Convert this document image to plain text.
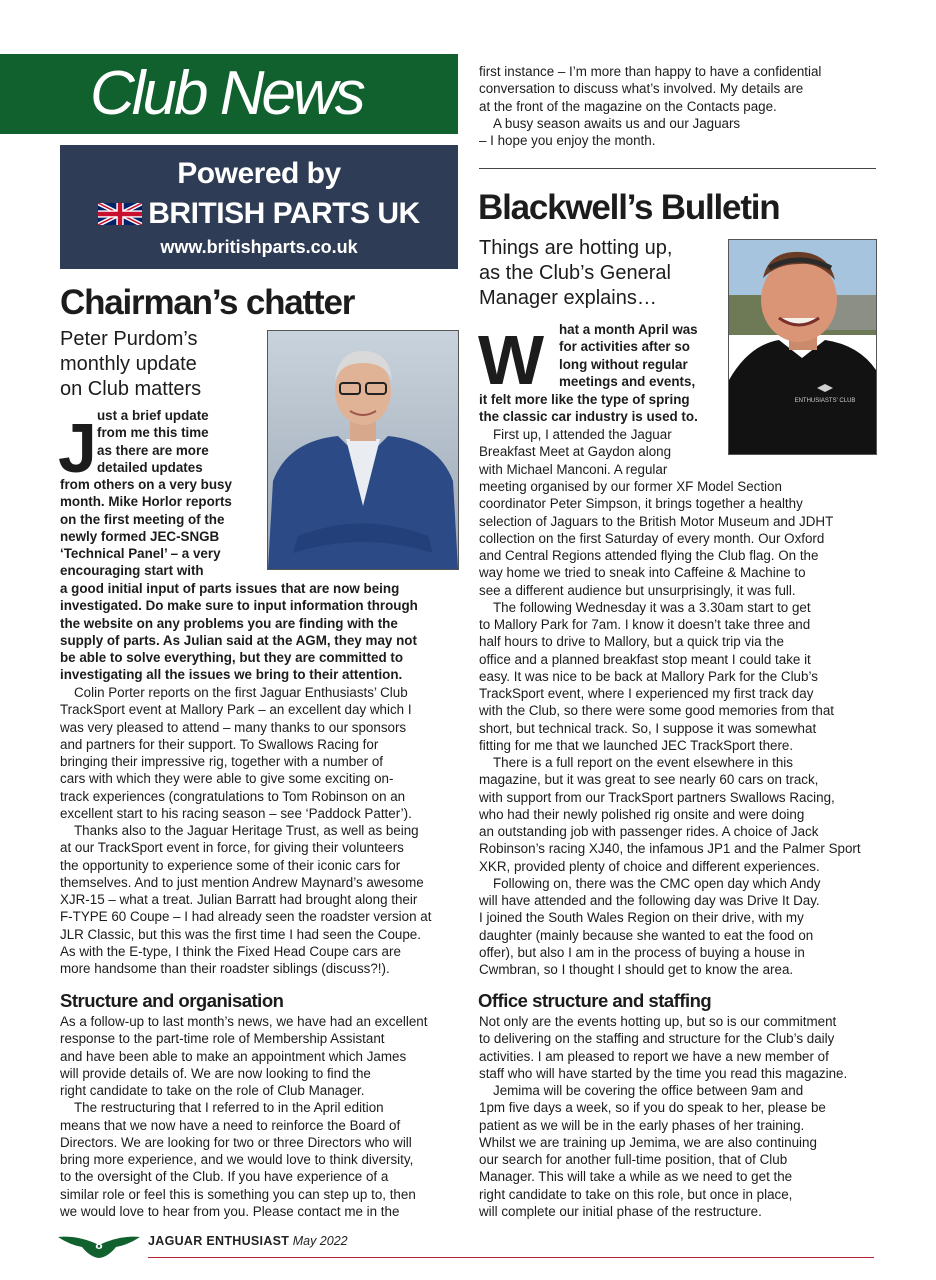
Club News
Powered by
BRITISH PARTS UK
www.britishparts.co.uk
Chairman’s chatter
Peter Purdom’s
monthly update
on Club matters
J ust a brief update
from me this time
as there are more
detailed updates
from others on a very busy
month. Mike Horlor reports
on the first meeting of the
newly formed JEC-SNGB
‘Technical Panel’ – a very
encouraging start with
a good initial input of parts issues that are now being
investigated. Do make sure to input information through
the website on any problems you are finding with the
supply of parts. As Julian said at the AGM, they may not
be able to solve everything, but they are committed to
investigating all the issues we bring to their attention.
Colin Porter reports on the first Jaguar Enthusiasts’ Club
TrackSport event at Mallory Park – an excellent day which I
was very pleased to attend – many thanks to our sponsors
and partners for their support. To Swallows Racing for
bringing their impressive rig, together with a number of
cars with which they were able to give some exciting on-
track experiences (congratulations to Tom Robinson on an
excellent start to his racing season – see ‘Paddock Patter’).
Thanks also to the Jaguar Heritage Trust, as well as being
at our TrackSport event in force, for giving their volunteers
the opportunity to experience some of their iconic cars for
themselves. And to just mention Andrew Maynard’s awesome
XJR-15 – what a treat. Julian Barratt had brought along their
F-TYPE 60 Coupe – I had already seen the roadster version at
JLR Classic, but this was the first time I had seen the Coupe.
As with the E-type, I think the Fixed Head Coupe cars are
more handsome than their roadster siblings (discuss?!).
Structure and organisation
As a follow-up to last month’s news, we have had an excellent
response to the part-time role of Membership Assistant
and have been able to make an appointment which James
will provide details of. We are now looking to find the
right candidate to take on the role of Club Manager.
The restructuring that I referred to in the April edition
means that we now have a need to reinforce the Board of
Directors. We are looking for two or three Directors who will
bring more experience, and we would love to think diversity,
to the oversight of the Club. If you have experience of a
similar role or feel this is something you can step up to, then
we would love to hear from you. Please contact me in the
first instance – I’m more than happy to have a confidential
conversation to discuss what’s involved. My details are
at the front of the magazine on the Contacts page.
A busy season awaits us and our Jaguars
– I hope you enjoy the month.
Blackwell’s Bulletin
Things are hotting up,
as the Club’s General
Manager explains…
ENTHUSIASTS' CLUB
W hat a month April was
for activities after so
long without regular
meetings and events,
it felt more like the type of spring
the classic car industry is used to.
First up, I attended the Jaguar
Breakfast Meet at Gaydon along
with Michael Manconi. A regular
meeting organised by our former XF Model Section
coordinator Peter Simpson, it brings together a healthy
selection of Jaguars to the British Motor Museum and JDHT
collection on the first Saturday of every month. Our Oxford
and Central Regions attended flying the Club flag. On the
way home we tried to sneak into Caffeine & Machine to
see a different audience but unsurprisingly, it was full.
The following Wednesday it was a 3.30am start to get
to Mallory Park for 7am. I know it doesn’t take three and
half hours to drive to Mallory, but a quick trip via the
office and a planned breakfast stop meant I could take it
easy. It was nice to be back at Mallory Park for the Club’s
TrackSport event, where I experienced my first track day
with the Club, so there were some good memories from that
short, but technical track. So, I suppose it was somewhat
fitting for me that we launched JEC TrackSport there.
There is a full report on the event elsewhere in this
magazine, but it was great to see nearly 60 cars on track,
with support from our TrackSport partners Swallows Racing,
who had their newly polished rig onsite and were doing
an outstanding job with passenger rides. A choice of Jack
Robinson’s racing XJ40, the infamous JP1 and the Palmer Sport
XKR, provided plenty of choice and different experiences.
Following on, there was the CMC open day which Andy
will have attended and the following day was Drive It Day.
I joined the South Wales Region on their drive, with my
daughter (mainly because she wanted to eat the food on
offer), but also I am in the process of buying a house in
Cwmbran, so I thought I should get to know the area.
Office structure and staffing
Not only are the events hotting up, but so is our commitment
to delivering on the staffing and structure for the Club’s daily
activities. I am pleased to report we have a new member of
staff who will have started by the time you read this magazine.
Jemima will be covering the office between 9am and
1pm five days a week, so if you do speak to her, please be
patient as we will be in the early phases of her training.
Whilst we are training up Jemima, we are also continuing
our search for another full-time position, that of Club
Manager. This will take a while as we need to get the
right candidate to take on this role, but once in place,
will complete our initial phase of the restructure.
8	JAGUAR ENTHUSIAST May 2022
